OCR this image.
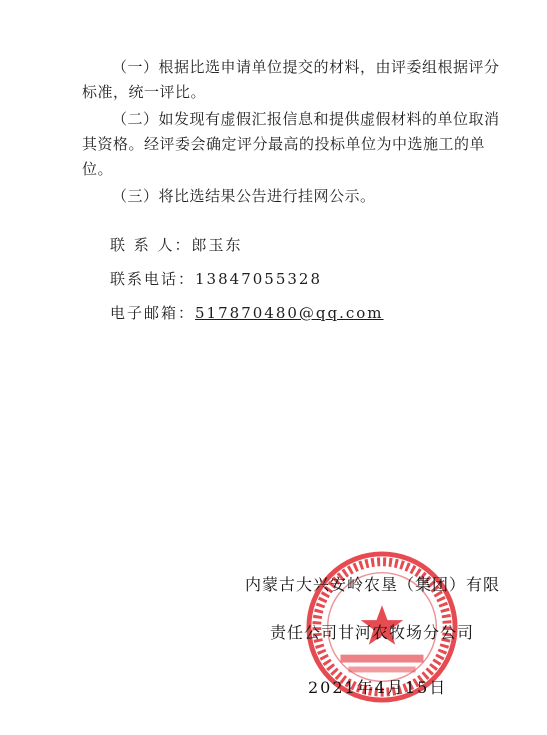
（一）根据比选申请单位提交的材料，由评委组根据评分标准，统一评比。

（二）如发现有虚假汇报信息和提供虚假材料的单位取消其资格。经评委会确定评分最高的投标单位为中选施工的单位。

（三）将比选结果公告进行挂网公示。

联 系 人：郎玉东
联系电话：13847055328
电子邮箱：517870480@qq.com
内蒙古大兴安岭农垦（集团）有限
责任公司甘河农牧场分公司
2021年4月15日
